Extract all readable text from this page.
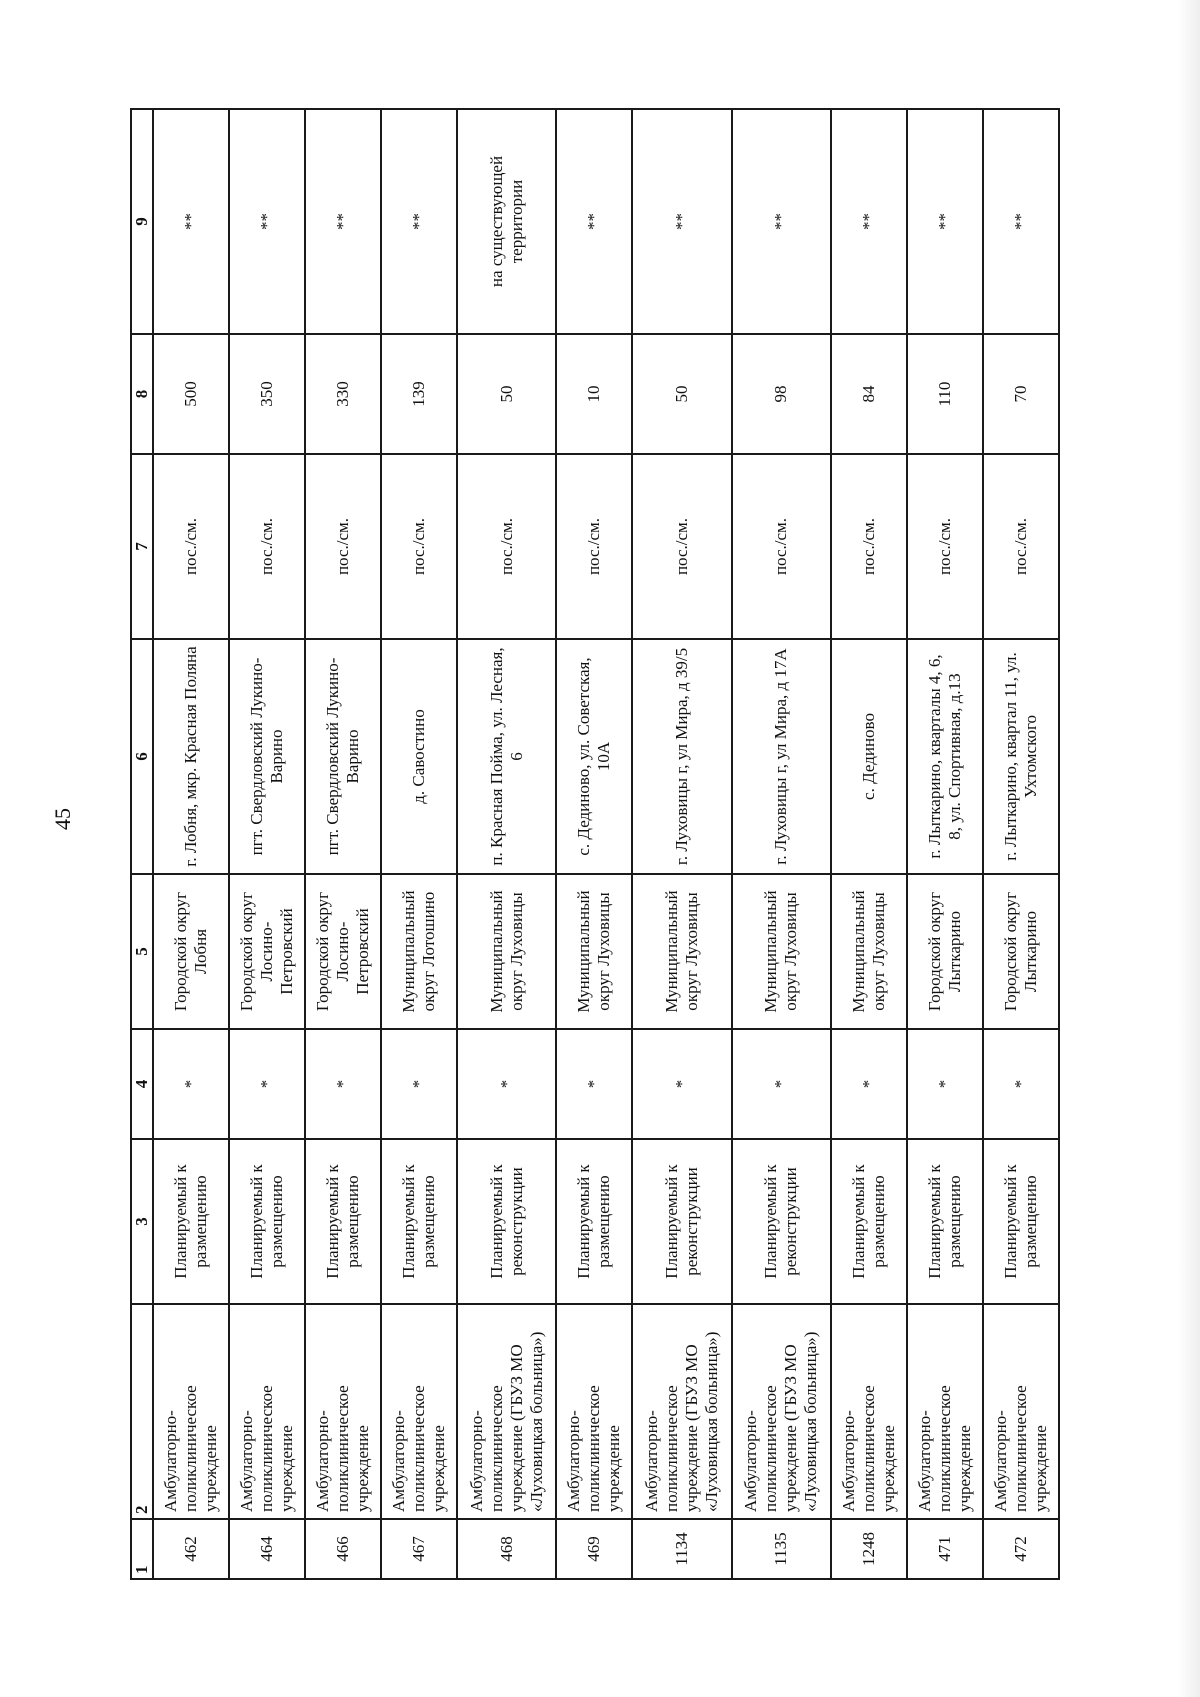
45
1	2	3	4	5	6	7	8	9
462	Амбулаторно-поликлиническое учреждение	Планируемый к размещению	*	Городской округ Лобня	г. Лобня, мкр. Красная Поляна	пос./см.	500	**
464	Амбулаторно-поликлиническое учреждение	Планируемый к размещению	*	Городской округ Лосино-Петровский	пгт. Свердловский Лукино-Варино	пос./см.	350	**
466	Амбулаторно-поликлиническое учреждение	Планируемый к размещению	*	Городской округ Лосино-Петровский	пгт. Свердловский Лукино-Варино	пос./см.	330	**
467	Амбулаторно-поликлиническое учреждение	Планируемый к размещению	*	Муниципальный округ Лотошино	д. Савостино	пос./см.	139	**
468	Амбулаторно-поликлиническое учреждение (ГБУЗ МО «Луховицкая больница»)	Планируемый к реконструкции	*	Муниципальный округ Луховицы	п. Красная Пойма, ул. Лесная, 6	пос./см.	50	на существующей территории
469	Амбулаторно-поликлиническое учреждение	Планируемый к размещению	*	Муниципальный округ Луховицы	с. Дединово, ул. Советская, 10А	пос./см.	10	**
1134	Амбулаторно-поликлиническое учреждение (ГБУЗ МО «Луховицкая больница»)	Планируемый к реконструкции	*	Муниципальный округ Луховицы	г. Луховицы г, ул Мира, д 39/5	пос./см.	50	**
1135	Амбулаторно-поликлиническое учреждение (ГБУЗ МО «Луховицкая больница»)	Планируемый к реконструкции	*	Муниципальный округ Луховицы	г. Луховицы г, ул Мира, д 17А	пос./см.	98	**
1248	Амбулаторно-поликлиническое учреждение	Планируемый к размещению	*	Муниципальный округ Луховицы	с. Дединово	пос./см.	84	**
471	Амбулаторно-поликлиническое учреждение	Планируемый к размещению	*	Городской округ Лыткарино	г. Лыткарино, кварталы 4, 6, 8, ул. Спортивная, д.13	пос./см.	110	**
472	Амбулаторно-поликлиническое учреждение	Планируемый к размещению	*	Городской округ Лыткарино	г. Лыткарино, квартал 11, ул. Ухтомского	пос./см.	70	**
